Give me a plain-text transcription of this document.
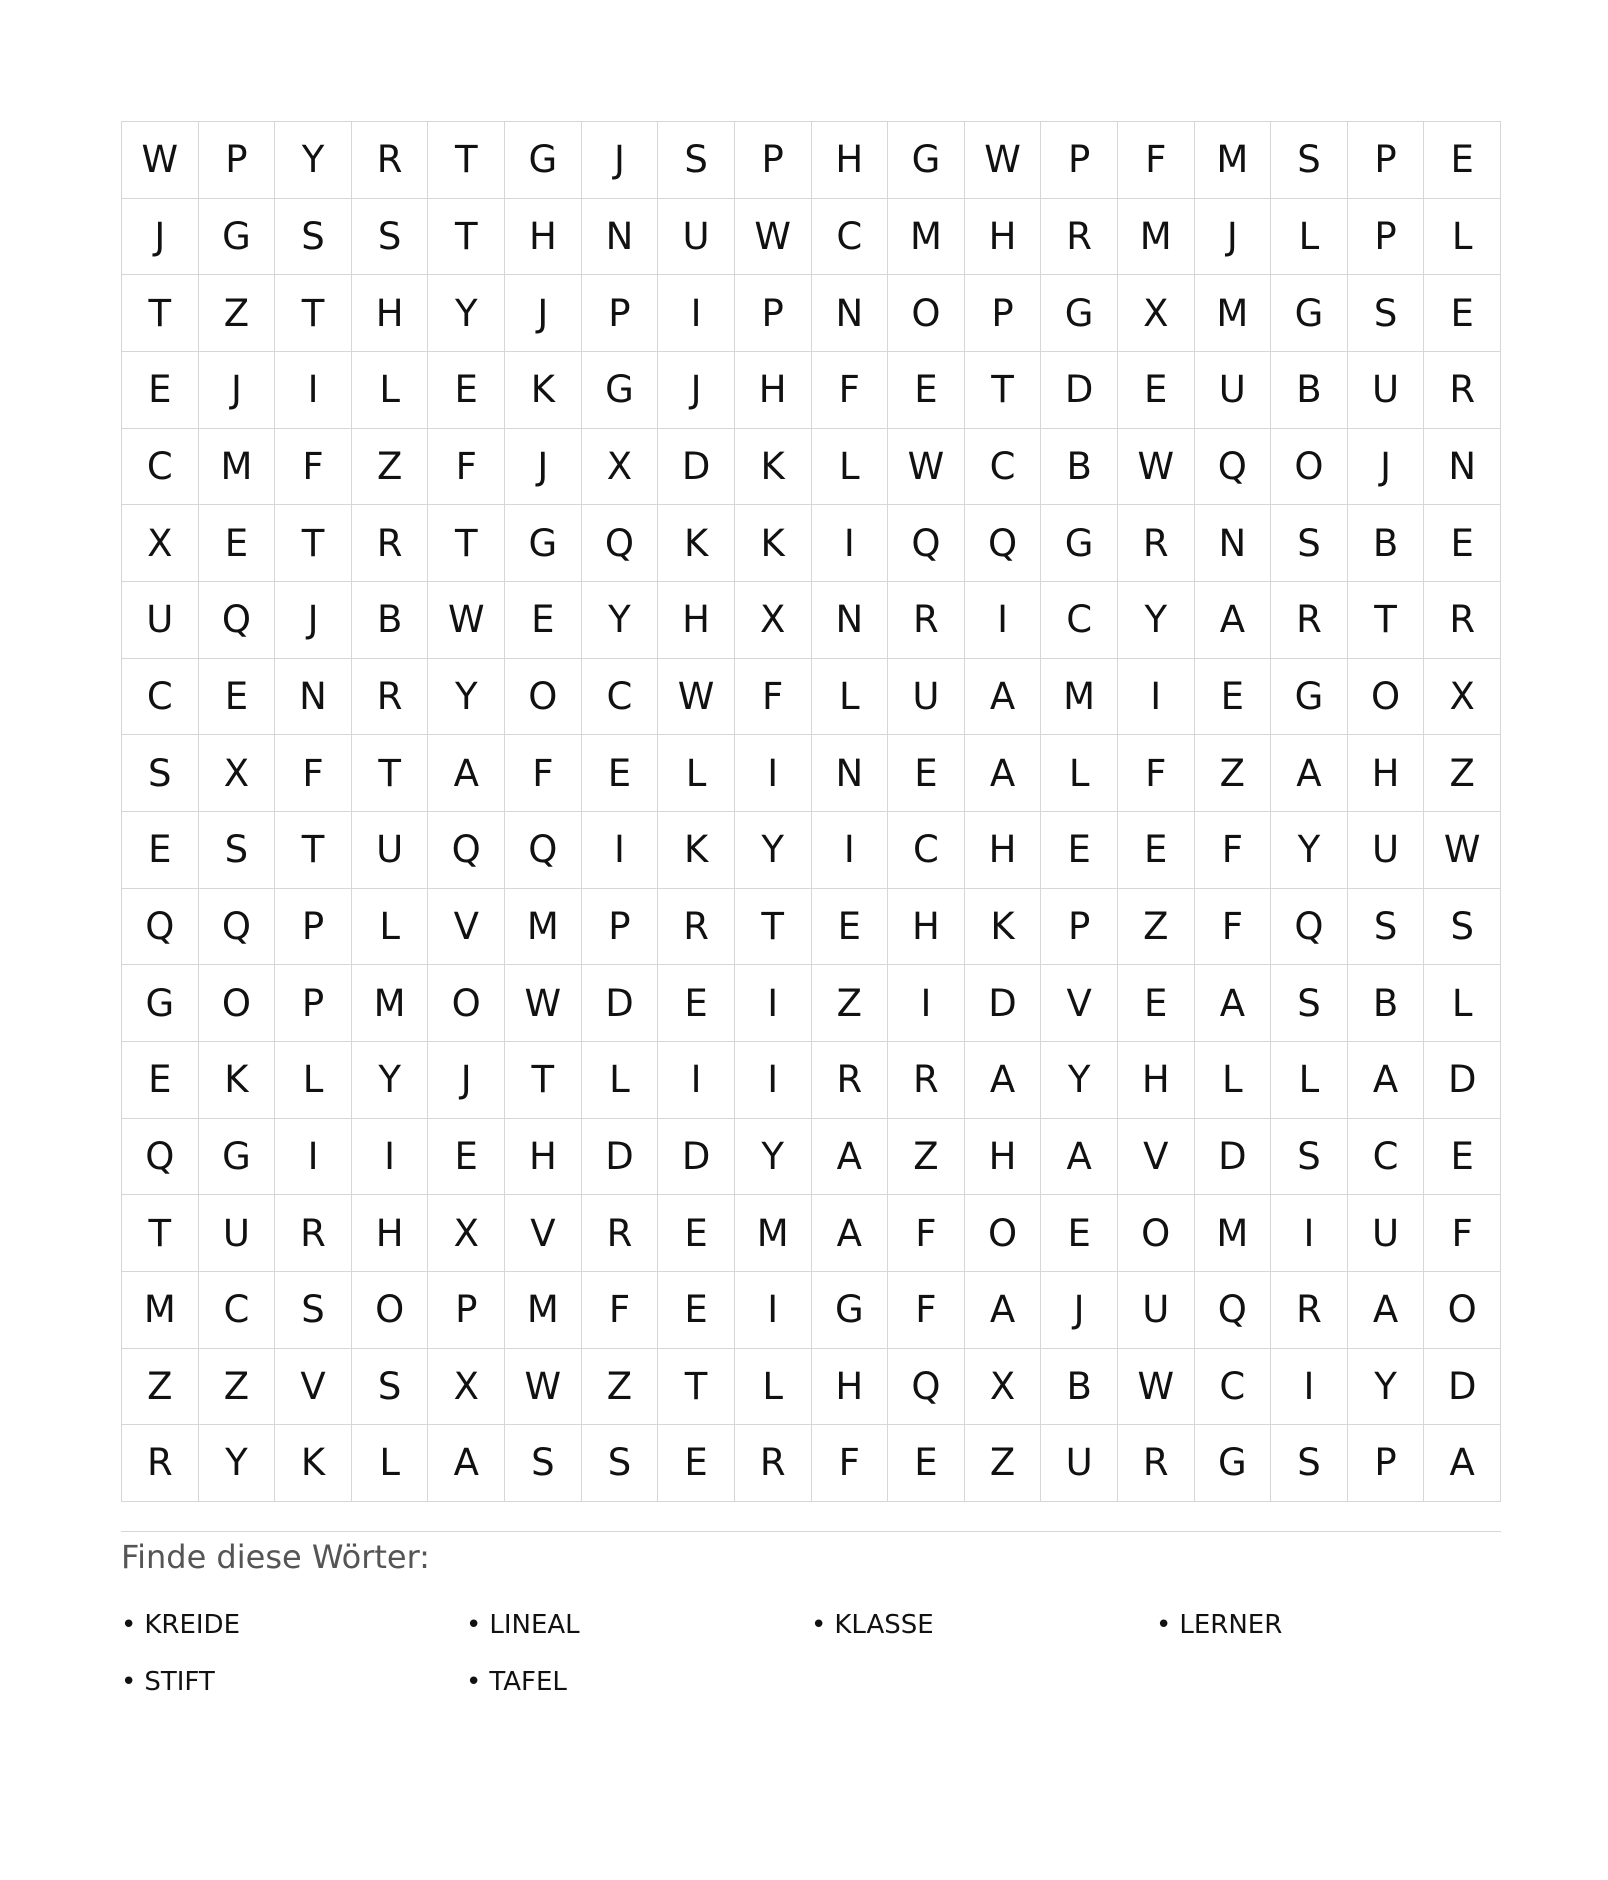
W	P	Y	R	T	G	J	S	P	H	G	W	P	F	M	S	P	E
J	G	S	S	T	H	N	U	W	C	M	H	R	M	J	L	P	L
T	Z	T	H	Y	J	P	I	P	N	O	P	G	X	M	G	S	E
E	J	I	L	E	K	G	J	H	F	E	T	D	E	U	B	U	R
C	M	F	Z	F	J	X	D	K	L	W	C	B	W	Q	O	J	N
X	E	T	R	T	G	Q	K	K	I	Q	Q	G	R	N	S	B	E
U	Q	J	B	W	E	Y	H	X	N	R	I	C	Y	A	R	T	R
C	E	N	R	Y	O	C	W	F	L	U	A	M	I	E	G	O	X
S	X	F	T	A	F	E	L	I	N	E	A	L	F	Z	A	H	Z
E	S	T	U	Q	Q	I	K	Y	I	C	H	E	E	F	Y	U	W
Q	Q	P	L	V	M	P	R	T	E	H	K	P	Z	F	Q	S	S
G	O	P	M	O	W	D	E	I	Z	I	D	V	E	A	S	B	L
E	K	L	Y	J	T	L	I	I	R	R	A	Y	H	L	L	A	D
Q	G	I	I	E	H	D	D	Y	A	Z	H	A	V	D	S	C	E
T	U	R	H	X	V	R	E	M	A	F	O	E	O	M	I	U	F
M	C	S	O	P	M	F	E	I	G	F	A	J	U	Q	R	A	O
Z	Z	V	S	X	W	Z	T	L	H	Q	X	B	W	C	I	Y	D
R	Y	K	L	A	S	S	E	R	F	E	Z	U	R	G	S	P	A
Finde diese Wörter:
• KREIDE	• LINEAL	• KLASSE	• LERNER
• STIFT	• TAFEL
